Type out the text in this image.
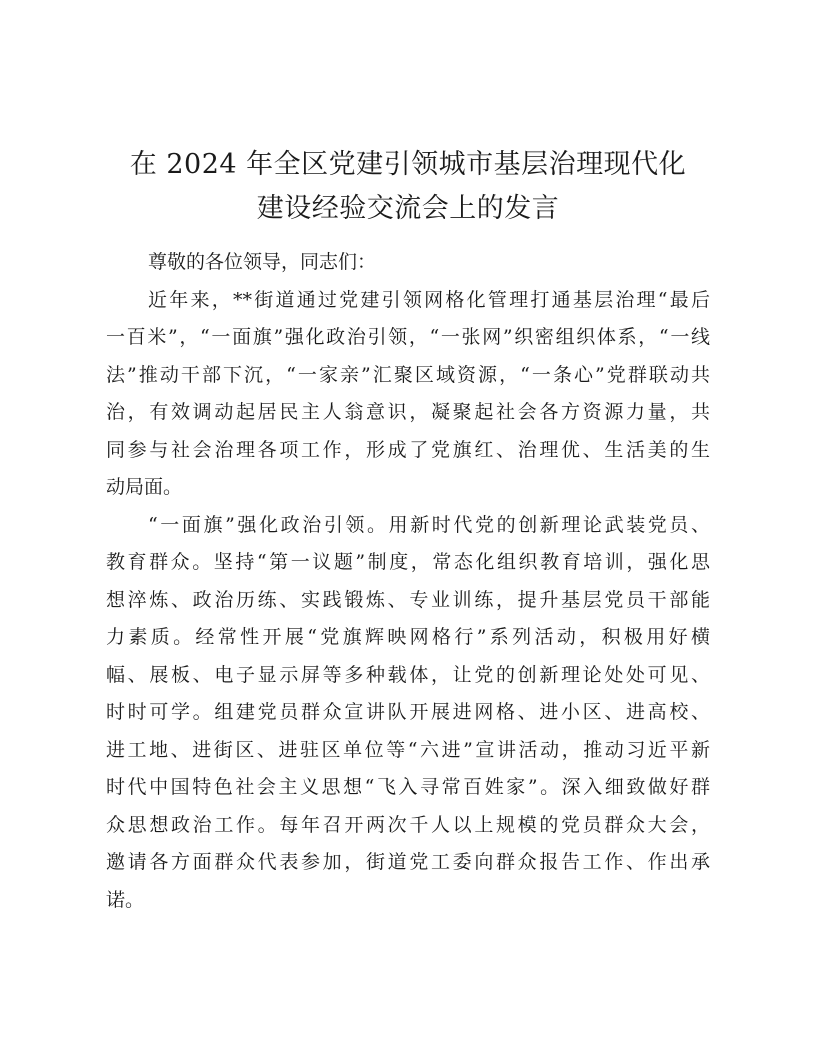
在 2024 年全区党建引领城市基层治理现代化
建设经验交流会上的发言

尊敬的各位领导，同志们：

近年来，**街道通过党建引领网格化管理打通基层治理“最后
一百米”，“一面旗”强化政治引领，“一张网”织密组织体系，“一线
法”推动干部下沉，“一家亲”汇聚区域资源，“一条心”党群联动共
治，有效调动起居民主人翁意识，凝聚起社会各方资源力量，共
同参与社会治理各项工作，形成了党旗红、治理优、生活美的生
动局面。

“一面旗”强化政治引领。用新时代党的创新理论武装党员、
教育群众。坚持“第一议题”制度，常态化组织教育培训，强化思
想淬炼、政治历练、实践锻炼、专业训练，提升基层党员干部能
力素质。经常性开展“党旗辉映网格行”系列活动，积极用好横
幅、展板、电子显示屏等多种载体，让党的创新理论处处可见、
时时可学。组建党员群众宣讲队开展进网格、进小区、进高校、
进工地、进街区、进驻区单位等“六进”宣讲活动，推动习近平新
时代中国特色社会主义思想“飞入寻常百姓家”。深入细致做好群
众思想政治工作。每年召开两次千人以上规模的党员群众大会，
邀请各方面群众代表参加，街道党工委向群众报告工作、作出承
诺。
